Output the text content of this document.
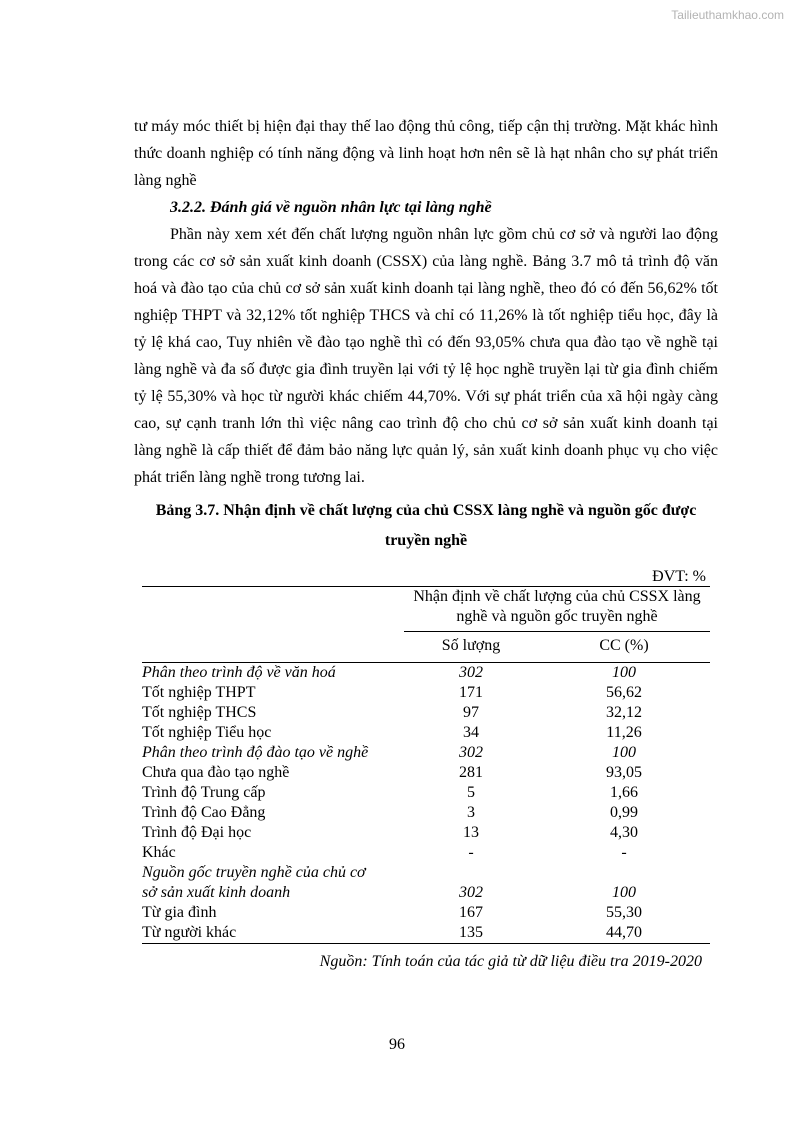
Tailieuthamkhao.com

tư máy móc thiết bị hiện đại thay thế lao động thủ công, tiếp cận thị trường. Mặt khác hình thức doanh nghiệp có tính năng động và linh hoạt hơn nên sẽ là hạt nhân cho sự phát triển làng nghề

3.2.2. Đánh giá về nguồn nhân lực tại làng nghề

Phần này xem xét đến chất lượng nguồn nhân lực gồm chủ cơ sở và người lao động trong các cơ sở sản xuất kinh doanh (CSSX) của làng nghề. Bảng 3.7 mô tả trình độ văn hoá và đào tạo của chủ cơ sở sản xuất kinh doanh tại làng nghề, theo đó có đến 56,62% tốt nghiệp THPT và 32,12% tốt nghiệp THCS và chỉ có 11,26% là tốt nghiệp tiểu học, đây là tỷ lệ khá cao, Tuy nhiên về đào tạo nghề thì có đến 93,05% chưa qua đào tạo về nghề tại làng nghề và đa số được gia đình truyền lại với tỷ lệ học nghề truyền lại từ gia đình chiếm tỷ lệ 55,30% và học từ người khác chiếm 44,70%. Với sự phát triển của xã hội ngày càng cao, sự cạnh tranh lớn thì việc nâng cao trình độ cho chủ cơ sở sản xuất kinh doanh tại làng nghề là cấp thiết để đảm bảo năng lực quản lý, sản xuất kinh doanh phục vụ cho việc phát triển làng nghề trong tương lai.

Bảng 3.7. Nhận định về chất lượng của chủ CSSX làng nghề và nguồn gốc được
truyền nghề
ĐVT: %
	Nhận định về chất lượng của chủ CSSX làng nghề và nguồn gốc truyền nghề	
	Số lượng	CC (%)
Phân theo trình độ về văn hoá	302	100
Tốt nghiệp THPT	171	56,62
Tốt nghiệp THCS	97	32,12
Tốt nghiệp Tiểu học	34	11,26
Phân theo trình độ đào tạo về nghề	302	100
Chưa qua đào tạo nghề	281	93,05
Trình độ Trung cấp	5	1,66
Trình độ Cao Đẳng	3	0,99
Trình độ Đại học	13	4,30
Khác	-	-
Nguồn gốc truyền nghề của chủ cơ		
sở sản xuất kinh doanh	302	100
Từ gia đình	167	55,30
Từ người khác	135	44,70
Nguồn: Tính toán của tác giả từ dữ liệu điều tra 2019-2020
96
